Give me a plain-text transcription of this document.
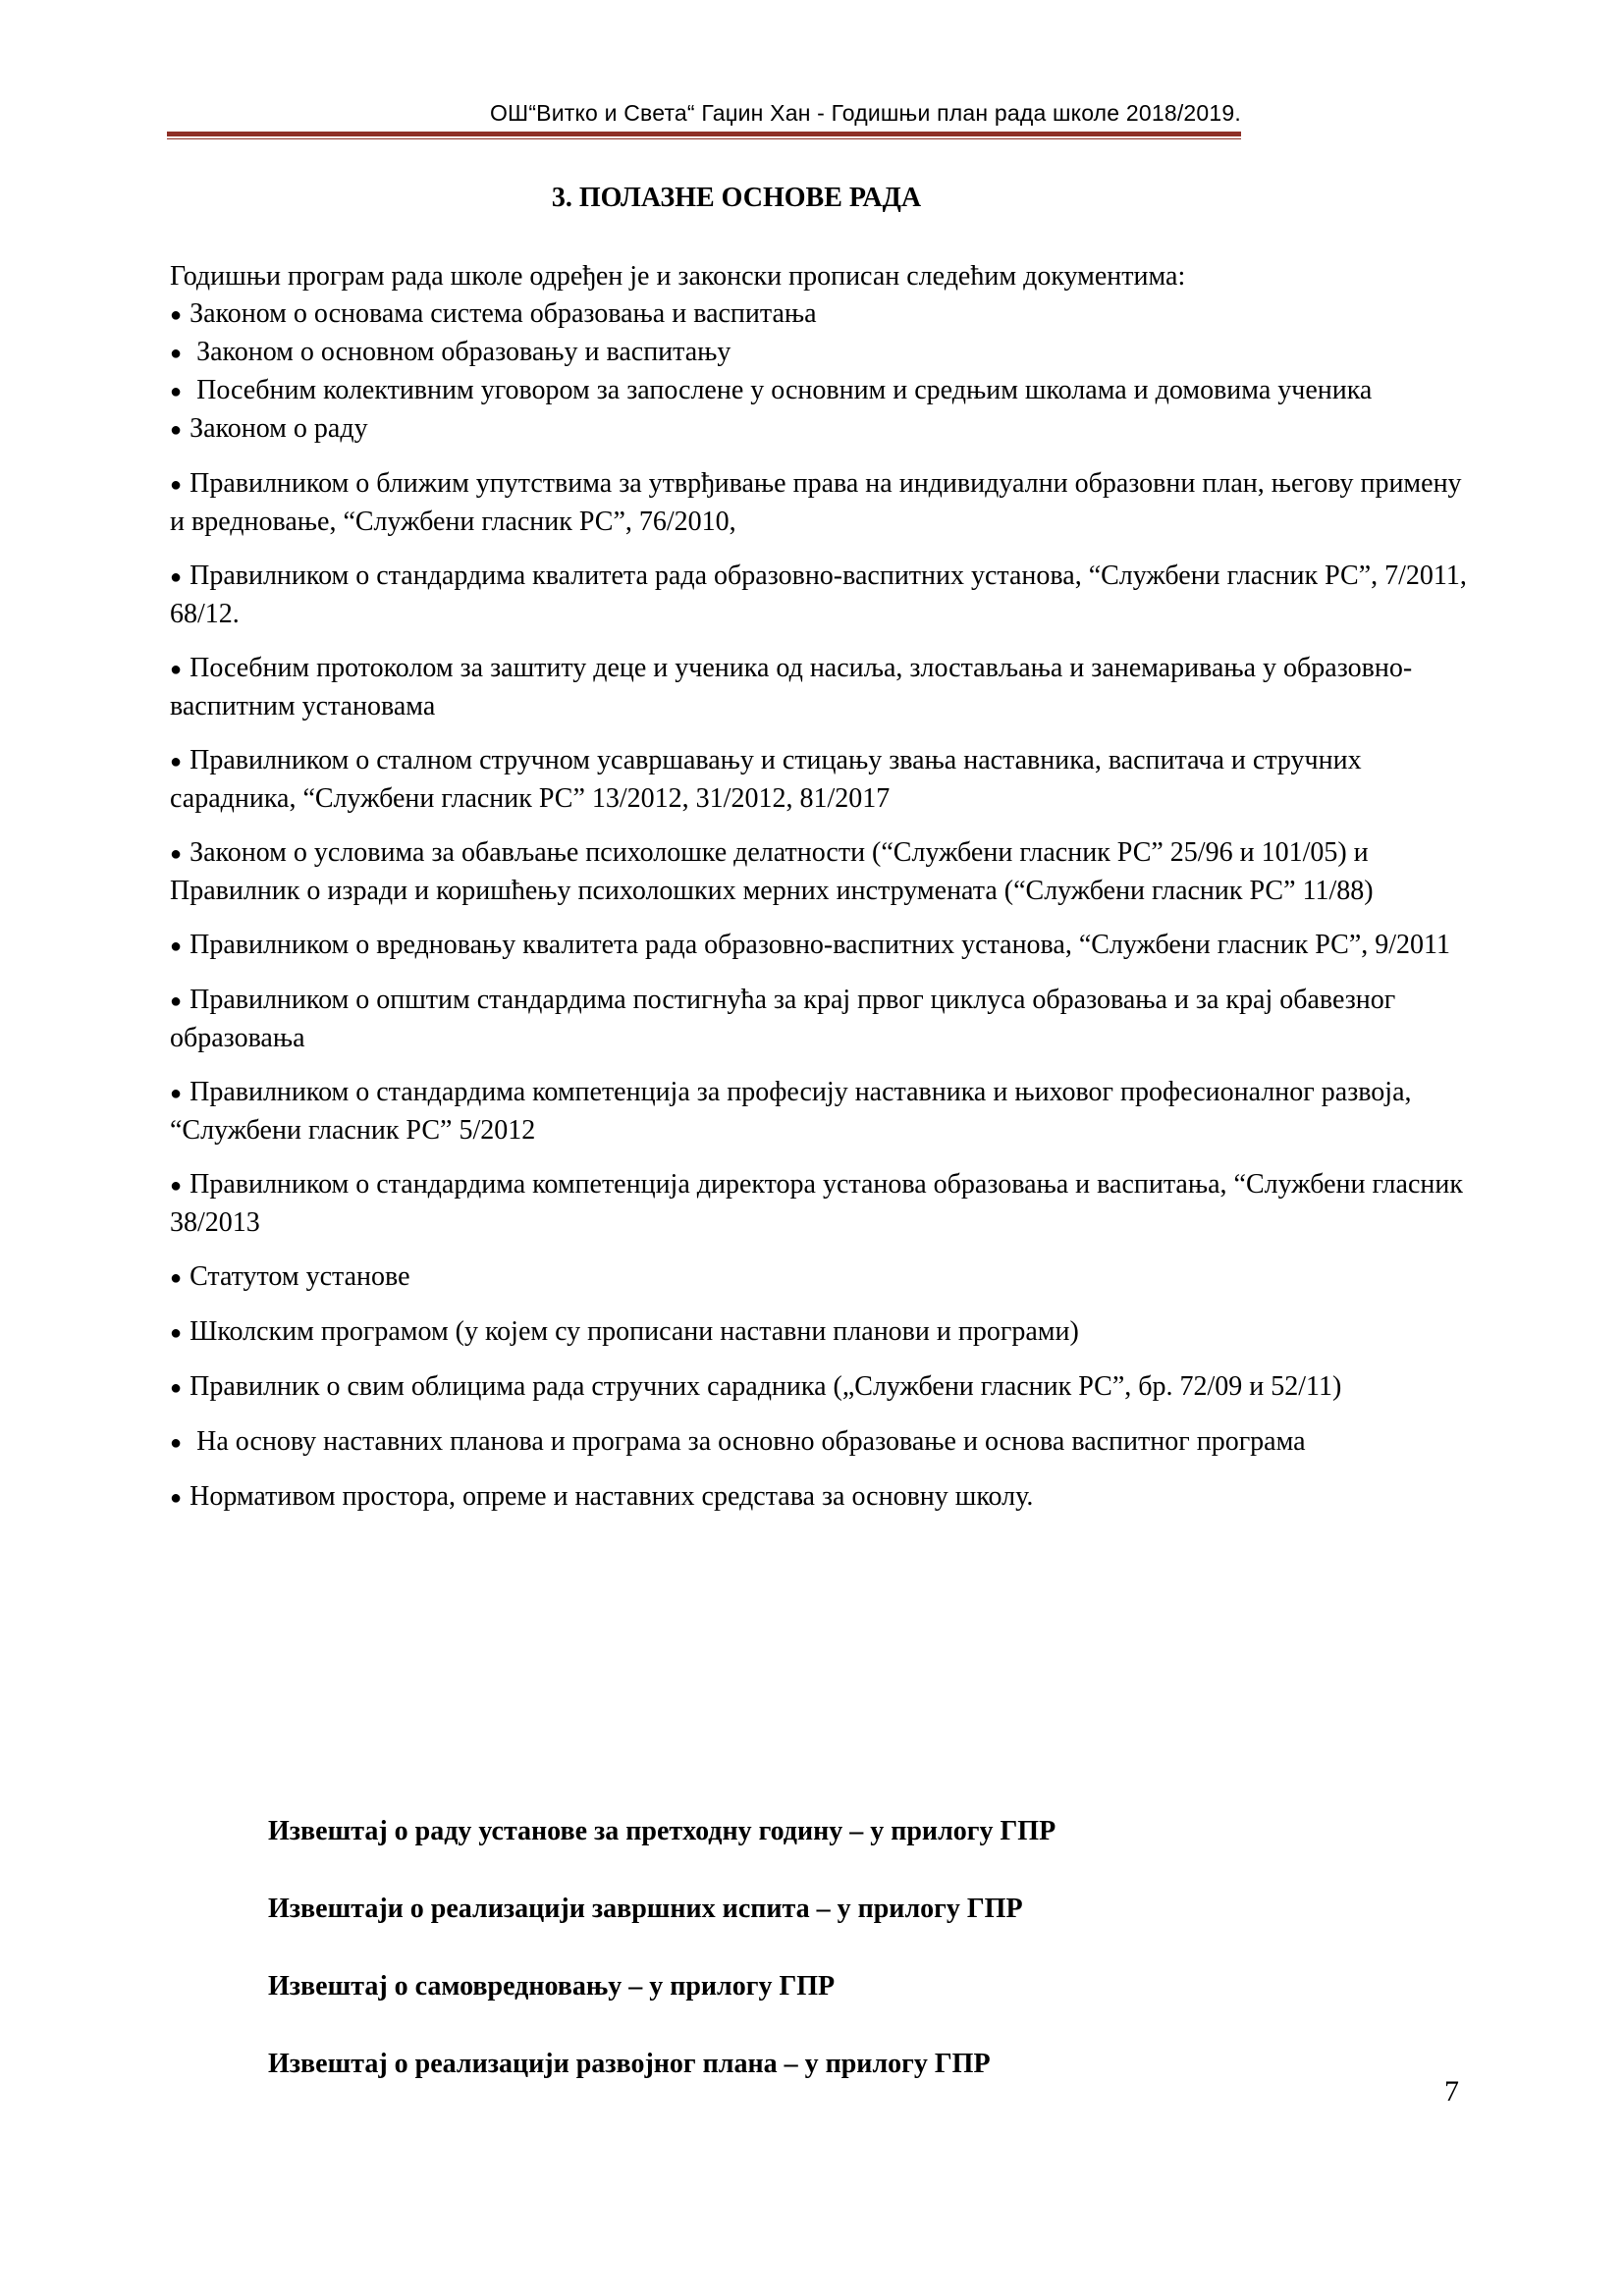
ОШ“Витко и Света“ Гаџин Хан - Годишњи план рада школе 2018/2019.
3. ПОЛАЗНЕ ОСНОВЕ РАДА

Годишњи програм рада школе одређен је и законски прописан следећим документима:

● Законом о основама система образовања и васпитања
● Законом о основном образовању и васпитању
● Посебним колективним уговором за запослене у основним и средњим школама и домовима ученика
● Законом о раду
● Правилником о ближим упутствима за утврђивање права на индивидуални образовни план, његову примену и вредновање, “Службени гласник РС”, 76/2010,
● Правилником о стандардима квалитета рада образовно-васпитних установа, “Службени гласник РС”, 7/2011, 68/12.
● Посебним протоколом за заштиту деце и ученика од насиља, злостављања и занемаривања у образовно-васпитним установама
● Правилником о сталном стручном усавршавању и стицању звања наставника, васпитача и стручних сарадника, “Службени гласник РС” 13/2012, 31/2012, 81/2017
● Законом о условима за обављање психолошке делатности (“Службени гласник РС” 25/96 и 101/05) и Правилник о изради и коришћењу психолошких мерних инструмената (“Службени гласник РС” 11/88)
● Правилником о вредновању квалитета рада образовно-васпитних установа, “Службени гласник РС”, 9/2011
● Правилником о општим стандардима постигнућа за крај првог циклуса образовања и за крај обавезног образовања
● Правилником о стандардима компетенција за професију наставника и њиховог професионалног развоја, “Службени гласник РС” 5/2012
● Правилником о стандардима компетенција директора установа образовања и васпитања, “Службени гласник 38/2013
● Статутом установе
● Школским програмом (у којем су прописани наставни планови и програми)
● Правилник о свим облицима рада стручних сарадника („Службени гласник РС”, бр. 72/09 и 52/11)
● На основу наставних планова и програма за основно образовање и основа васпитног програма
● Нормативом простора, опреме и наставних средстава за основну школу.
Извештај о раду установе за претходну годину – у прилогу ГПР
Извештаји о реализацији завршних испита – у прилогу ГПР
Извештај о самовредновању – у прилогу ГПР
Извештај о реализацији развојног плана – у прилогу ГПР
7
